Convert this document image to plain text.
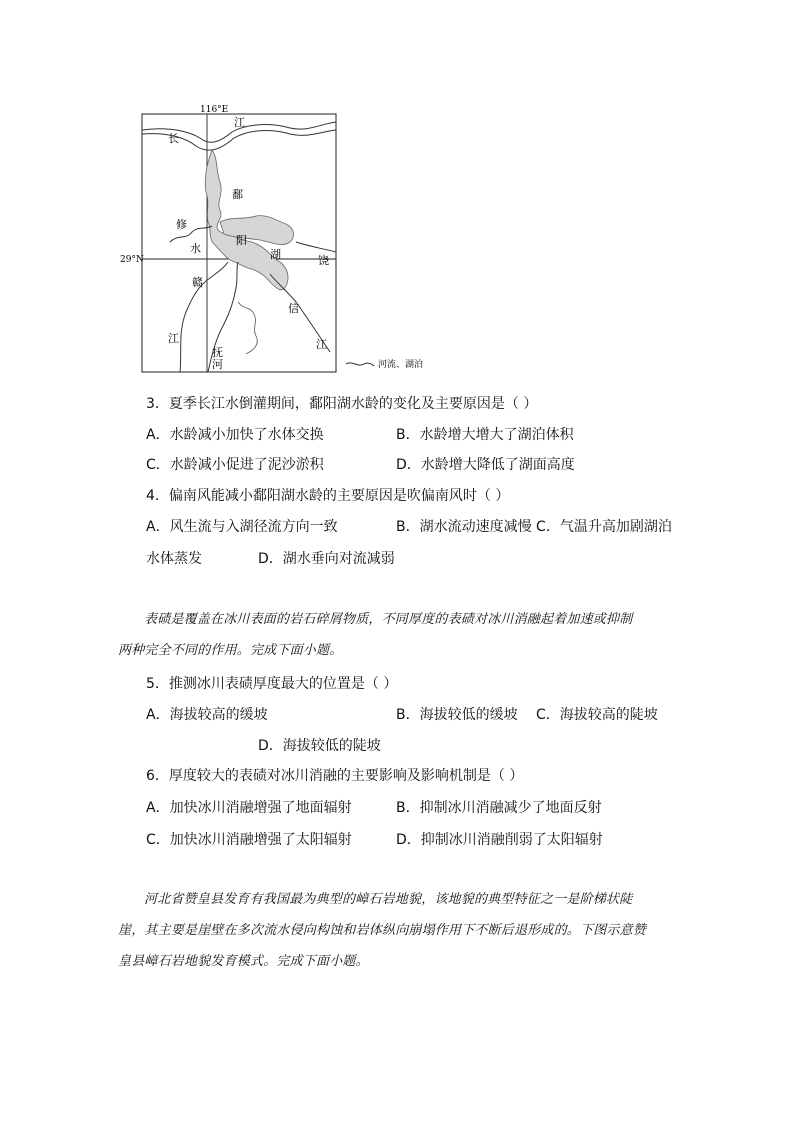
116°E
29°N
河流、湖泊
长
江
鄱
阳
湖
修
水
赣
江
抚
河
信
江
饶
3．夏季长江水倒灌期间，鄱阳湖水龄的变化及主要原因是（ ）
A．水龄减小加快了水体交换	B．水龄增大增大了湖泊体积
C．水龄减小促进了泥沙淤积	D．水龄增大降低了湖面高度
4．偏南风能减小鄱阳湖水龄的主要原因是吹偏南风时（ ）
A．风生流与入湖径流方向一致	B．湖水流动速度减慢 C．气温升高加剧湖泊
水体蒸发	D．湖水垂向对流减弱
表碛是覆盖在冰川表面的岩石碎屑物质，不同厚度的表碛对冰川消融起着加速或抑制
两种完全不同的作用。完成下面小题。
5．推测冰川表碛厚度最大的位置是（ ）
A．海拔较高的缓坡	B．海拔较低的缓坡 C．海拔较高的陡坡
D．海拔较低的陡坡
6．厚度较大的表碛对冰川消融的主要影响及影响机制是（ ）
A．加快冰川消融增强了地面辐射	B．抑制冰川消融减少了地面反射
C．加快冰川消融增强了太阳辐射	D．抑制冰川消融削弱了太阳辐射
河北省赞皇县发育有我国最为典型的嶂石岩地貌，该地貌的典型特征之一是阶梯状陡
崖，其主要是崖壁在多次流水侵向构蚀和岩体纵向崩塌作用下不断后退形成的。下图示意赞
皇县嶂石岩地貌发育模式。完成下面小题。
